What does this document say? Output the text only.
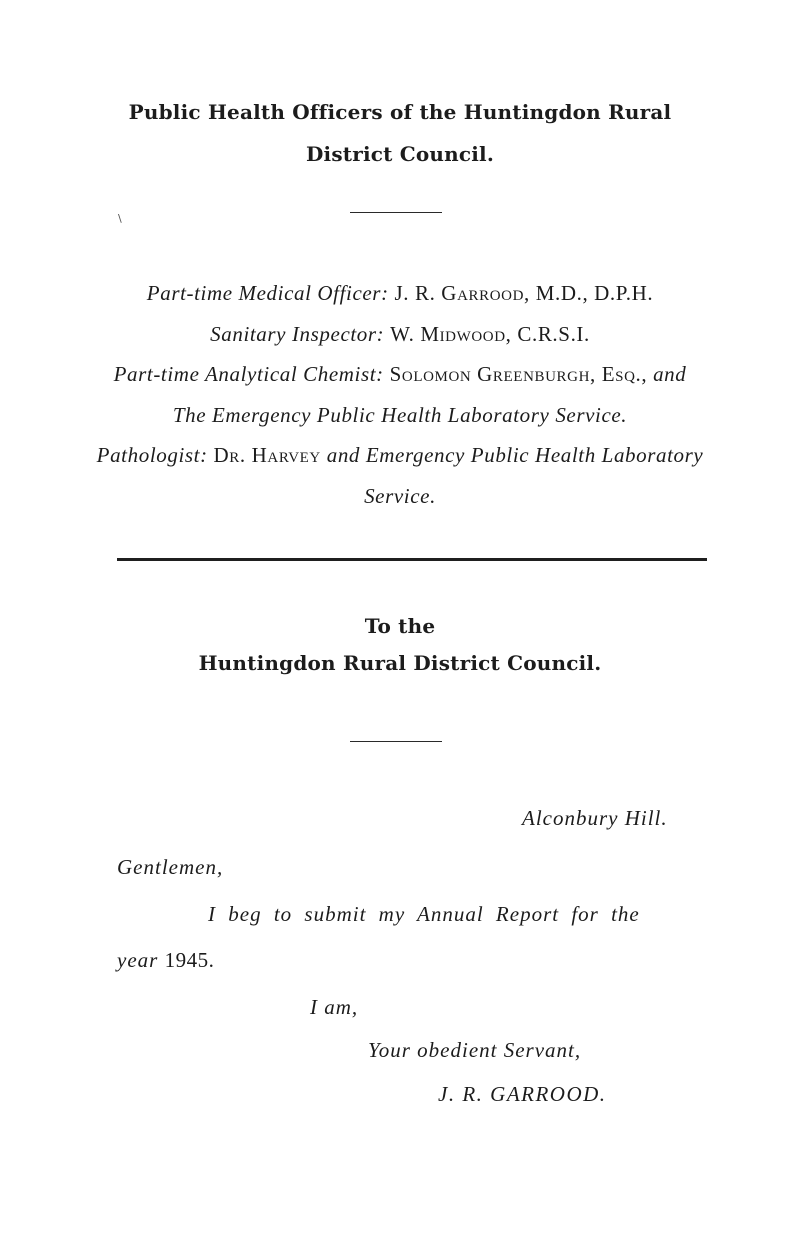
Public Health Officers of the Huntingdon Rural
District Council.
\
Part-time Medical Officer: J. R. Garrood, M.D., D.P.H.
Sanitary Inspector: W. Midwood, C.R.S.I.
Part-time Analytical Chemist: Solomon Greenburgh, Esq., and
The Emergency Public Health Laboratory Service.
Pathologist: Dr. Harvey and Emergency Public Health Laboratory
Service.
To the
Huntingdon Rural District Council.
Alconbury Hill.
Gentlemen,
I beg to submit my Annual Report for the
year 1945.
I am,
Your obedient Servant,
J. R. GARROOD.
